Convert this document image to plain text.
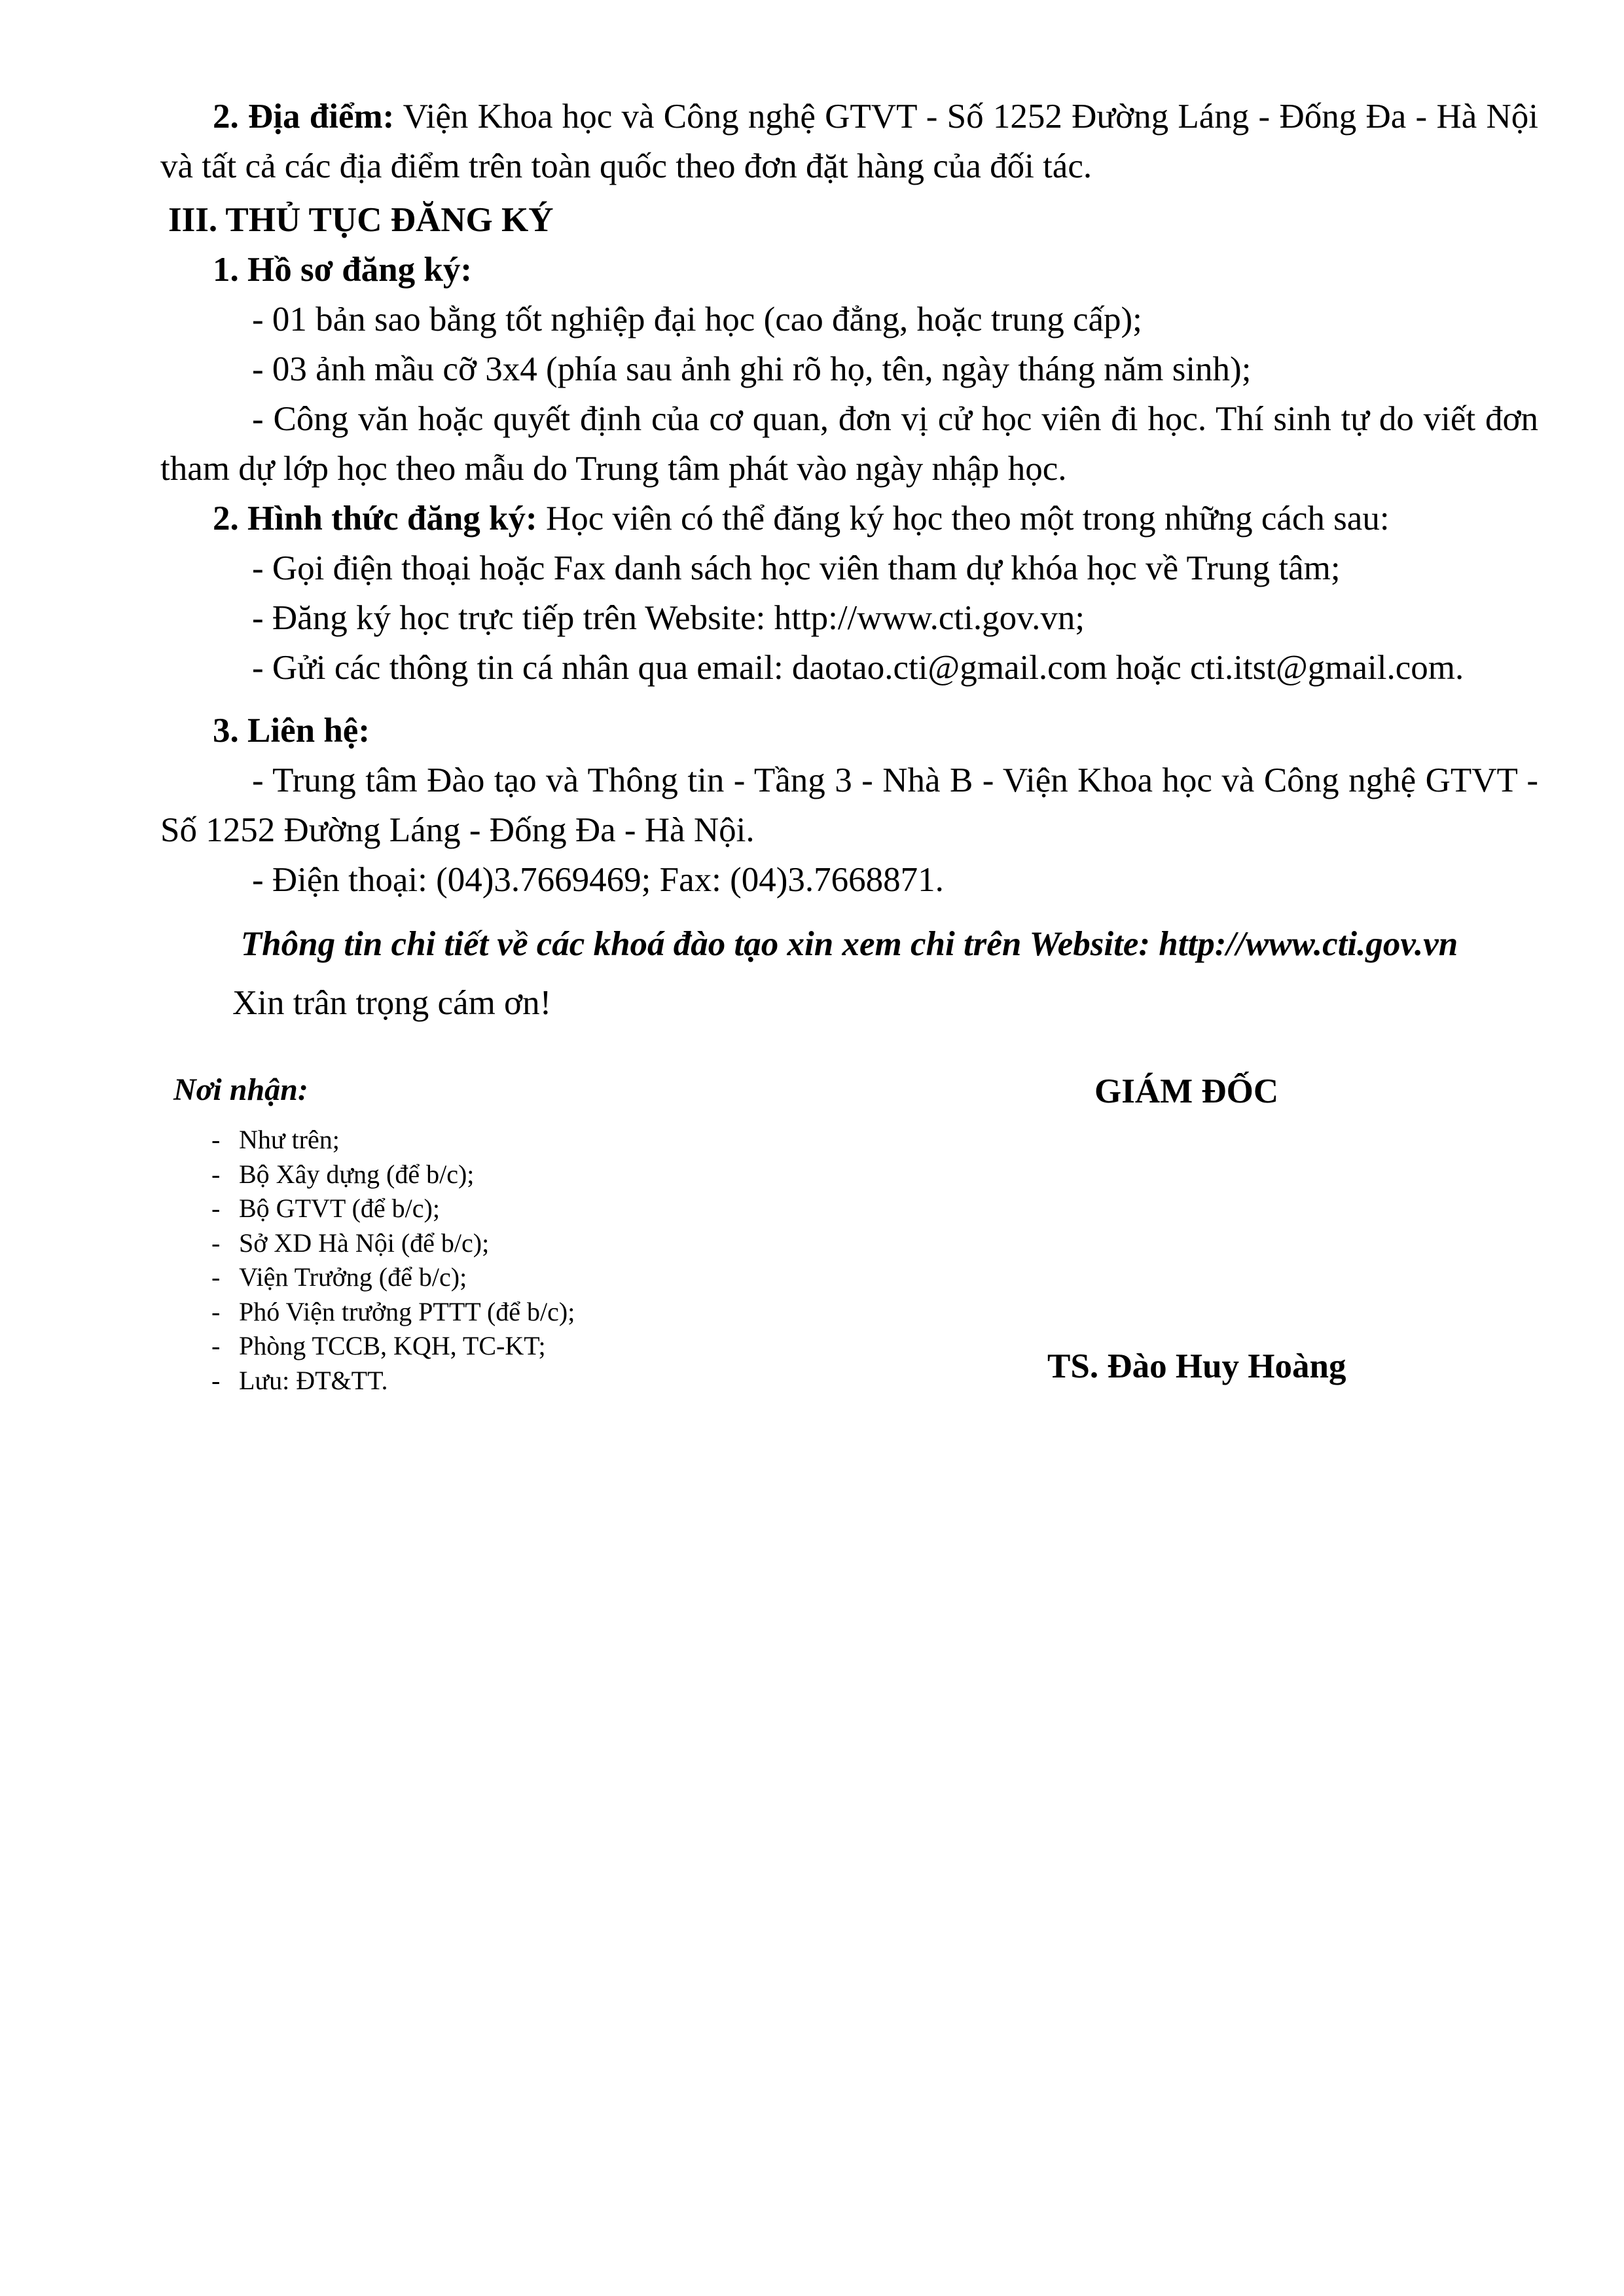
2. Địa điểm: Viện Khoa học và Công nghệ GTVT - Số 1252 Đường Láng - Đống Đa - Hà Nội và tất cả các địa điểm trên toàn quốc theo đơn đặt hàng của đối tác.

III. THỦ TỤC ĐĂNG KÝ

1. Hồ sơ đăng ký:

- 01 bản sao bằng tốt nghiệp đại học (cao đẳng, hoặc trung cấp);

- 03 ảnh mầu cỡ 3x4 (phía sau ảnh ghi rõ họ, tên, ngày tháng năm sinh);

- Công văn hoặc quyết định của cơ quan, đơn vị cử học viên đi học. Thí sinh tự do viết đơn tham dự lớp học theo mẫu do Trung tâm phát vào ngày nhập học.

2. Hình thức đăng ký: Học viên có thể đăng ký học theo một trong những cách sau:

- Gọi điện thoại hoặc Fax danh sách học viên tham dự khóa học về Trung tâm;

- Đăng ký học trực tiếp trên Website: http://www.cti.gov.vn;

- Gửi các thông tin cá nhân qua email: daotao.cti@gmail.com hoặc cti.itst@gmail.com.

3. Liên hệ:

- Trung tâm Đào tạo và Thông tin - Tầng 3 - Nhà B - Viện Khoa học và Công nghệ GTVT - Số 1252 Đường Láng - Đống Đa - Hà Nội.

- Điện thoại: (04)3.7669469; Fax: (04)3.7668871.

Thông tin chi tiết về các khoá đào tạo xin xem chi trên Website: http://www.cti.gov.vn

Xin trân trọng cám ơn!

Nơi nhận:
- Như trên;
- Bộ Xây dựng (để b/c);
- Bộ GTVT (để b/c);
- Sở XD Hà Nội (để b/c);
- Viện Trưởng (để b/c);
- Phó Viện trưởng PTTT (để b/c);
- Phòng TCCB, KQH, TC-KT;
- Lưu: ĐT&TT.
GIÁM ĐỐC
TS. Đào Huy Hoàng
